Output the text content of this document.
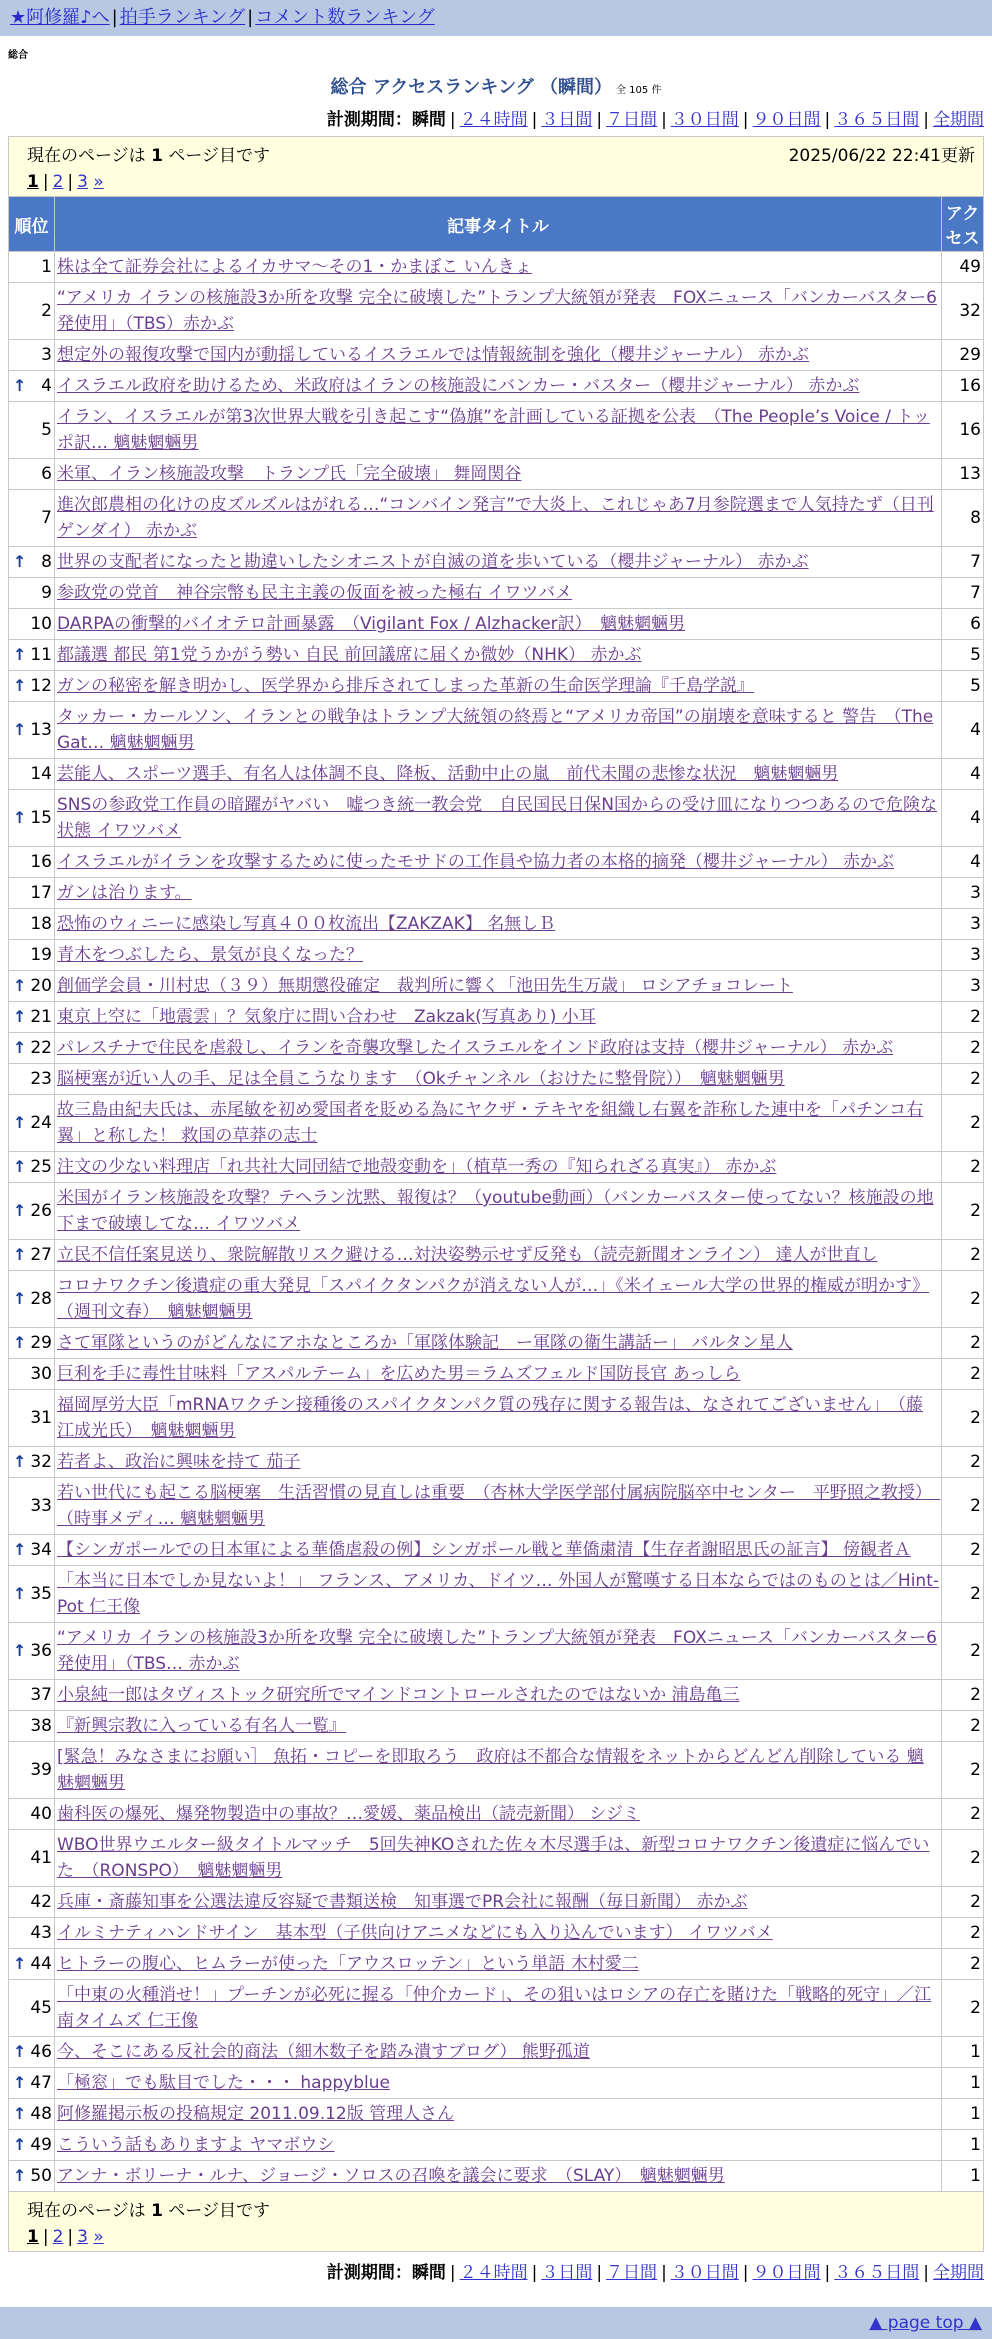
★阿修羅♪へ | 拍手ランキング | コメント数ランキング
総合
総合 アクセスランキング （瞬間） 全 105 件
計測期間：瞬間 | ２４時間 | ３日間 | ７日間 | ３０日間 | ９０日間 | ３６５日間 | 全期間
現在のページは 1 ページ目です	2025/06/22 22:41更新
1 | 2 | 3 »
順位	記事タイトル	アクセス
1	株は全て証券会社によるイカサマ〜その1・かまぼこ いんきょ	49
2	“アメリカ イランの核施設3か所を攻撃 完全に破壊した”トランプ大統領が発表　FOXニュース「バンカーバスター6発使用」（TBS）赤かぶ	32
3	想定外の報復攻撃で国内が動揺しているイスラエルでは情報統制を強化（櫻井ジャーナル） 赤かぶ	29

↑ 4	イスラエル政府を助けるため、米政府はイランの核施設にバンカー・バスター（櫻井ジャーナル） 赤かぶ	16
5	イラン、イスラエルが第3次世界大戦を引き起こす“偽旗”を計画している証拠を公表　（The People’s Voice / トッポ訳… 魑魅魍魎男	16
6	米軍、イラン核施設攻撃　トランプ氏「完全破壊」 舞岡関谷	13
7	進次郎農相の化けの皮ズルズルはがれる…“コンバイン発言”で大炎上、これじゃあ7月参院選まで人気持たず（日刊ゲンダイ） 赤かぶ	8

↑ 8	世界の支配者になったと勘違いしたシオニストが自滅の道を歩いている（櫻井ジャーナル） 赤かぶ	7
9	参政党の党首　神谷宗幣も民主主義の仮面を被った極右 イワツバメ	7
10	DARPAの衝撃的バイオテロ計画暴露　（Vigilant Fox / Alzhacker訳）　魑魅魍魎男	6

↑ 11	都議選 都民 第1党うかがう勢い 自民 前回議席に届くか微妙（NHK） 赤かぶ	5

↑ 12	ガンの秘密を解き明かし、医学界から排斥されてしまった革新の生命医学理論『千島学説』	5

↑ 13	タッカー・カールソン、イランとの戦争はトランプ大統領の終焉と“アメリカ帝国”の崩壊を意味すると 警告　（The Gat… 魑魅魍魎男	4
14	芸能人、スポーツ選手、有名人は体調不良、降板、活動中止の嵐　前代未聞の悲惨な状況　魑魅魍魎男	4

↑ 15	SNSの参政党工作員の暗躍がヤバい　嘘つき統一教会党　自民国民日保N国からの受け皿になりつつあるので危険な状態 イワツバメ	4
16	イスラエルがイランを攻撃するために使ったモサドの工作員や協力者の本格的摘発（櫻井ジャーナル） 赤かぶ	4
17	ガンは治ります。	3
18	恐怖のウィニーに感染し写真４００枚流出【ZAKZAK】 名無しＢ	3
19	青木をつぶしたら、景気が良くなった？	3

↑ 20	創価学会員・川村忠（３９）無期懲役確定　裁判所に響く「池田先生万歳」 ロシアチョコレート	3

↑ 21	東京上空に「地震雲」？気象庁に問い合わせ　Zakzak(写真あり) 小耳	2

↑ 22	パレスチナで住民を虐殺し、イランを奇襲攻撃したイスラエルをインド政府は支持（櫻井ジャーナル） 赤かぶ	2
23	脳梗塞が近い人の手、足は全員こうなります　（Okチャンネル（おけたに整骨院））　魑魅魍魎男	2

↑ 24	故三島由紀夫氏は、赤尾敏を初め愛国者を貶める為にヤクザ・テキヤを組織し右翼を詐称した連中を「パチンコ右翼」と称した！ 救国の草莽の志士	2

↑ 25	注文の少ない料理店「れ共社大同団結で地殻変動を」（植草一秀の『知られざる真実』） 赤かぶ	2

↑ 26	米国がイラン核施設を攻撃？テヘラン沈黙、報復は？（youtube動画）（バンカーバスター使ってない？核施設の地下まで破壊してな… イワツバメ	2

↑ 27	立民不信任案見送り、衆院解散リスク避ける…対決姿勢示せず反発も（読売新聞オンライン） 達人が世直し	2

↑ 28	コロナワクチン後遺症の重大発見「スパイクタンパクが消えない人が…」《米イェール大学の世界的権威が明かす》（週刊文春）　魑魅魍魎男	2

↑ 29	さて軍隊というのがどんなにアホなところか「軍隊体験記　ー軍隊の衛生講話ー」 バルタン星人	2
30	巨利を手に毒性甘味料「アスパルテーム」を広めた男＝ラムズフェルド国防長官 あっしら	2
31	福岡厚労大臣「mRNAワクチン接種後のスパイクタンパク質の残存に関する報告は、なされてございません」　（藤江成光氏）　魑魅魍魎男	2

↑ 32	若者よ、政治に興味を持て 茄子	2
33	若い世代にも起こる脳梗塞　生活習慣の見直しは重要　（杏林大学医学部付属病院脳卒中センター　平野照之教授）　（時事メディ… 魑魅魍魎男	2

↑ 34	【シンガポールでの日本軍による華僑虐殺の例】シンガポール戦と華僑粛清【生存者謝昭思氏の証言】 傍観者Ａ	2

↑ 35	「本当に日本でしか見ないよ！」 フランス、アメリカ、ドイツ… 外国人が驚嘆する日本ならではのものとは／Hint-Pot 仁王像	2

↑ 36	“アメリカ イランの核施設3か所を攻撃 完全に破壊した”トランプ大統領が発表　FOXニュース「バンカーバスター6発使用」（TBS… 赤かぶ	2
37	小泉純一郎はタヴィストック研究所でマインドコントロールされたのではないか 浦島亀三	2
38	『新興宗教に入っている有名人一覧』	2
39	[緊急！みなさまにお願い］ 魚拓・コピーを即取ろう　政府は不都合な情報をネットからどんどん削除している 魑魅魍魎男	2
40	歯科医の爆死、爆発物製造中の事故？…愛媛、薬品検出（読売新聞） シジミ	2
41	WBO世界ウエルター級タイトルマッチ　5回失神KOされた佐々木尽選手は、新型コロナワクチン後遺症に悩んでいた　（RONSPO）　魑魅魍魎男	2
42	兵庫・斎藤知事を公選法違反容疑で書類送検　知事選でPR会社に報酬（毎日新聞） 赤かぶ	2
43	イルミナティハンドサイン　基本型（子供向けアニメなどにも入り込んでいます） イワツバメ	2

↑ 44	ヒトラーの腹心、ヒムラーが使った「アウスロッテン」という単語 木村愛二	2
45	「中東の火種消せ！」プーチンが必死に握る「仲介カード」、その狙いはロシアの存亡を賭けた「戦略的死守」／江南タイムズ 仁王像	2

↑ 46	今、そこにある反社会的商法（細木数子を踏み潰すブログ） 熊野孤道	1

↑ 47	「極窓」でも駄目でした・・・ happyblue	1

↑ 48	阿修羅掲示板の投稿規定 2011.09.12版 管理人さん	1

↑ 49	こういう話もありますよ ヤマボウシ	1

↑ 50	アンナ・ボリーナ・ルナ、ジョージ・ソロスの召喚を議会に要求　（SLAY）　魑魅魍魎男	1
現在のページは 1 ページ目です
1 | 2 | 3 »
計測期間：瞬間 | ２４時間 | ３日間 | ７日間 | ３０日間 | ９０日間 | ３６５日間 | 全期間
▲ page top ▲
